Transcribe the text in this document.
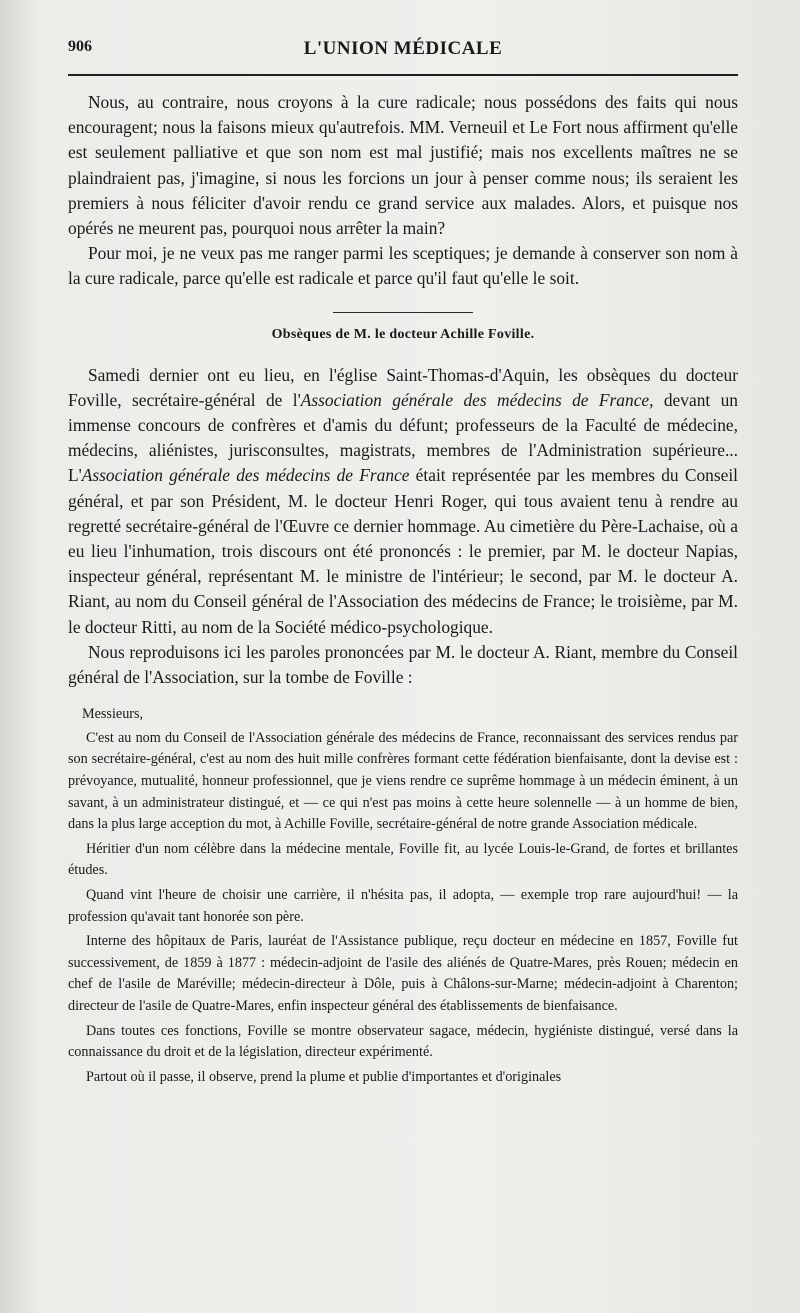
906	L'UNION MÉDICALE

Nous, au contraire, nous croyons à la cure radicale; nous possédons des faits qui nous encouragent; nous la faisons mieux qu'autrefois. MM. Verneuil et Le Fort nous affirment qu'elle est seulement palliative et que son nom est mal justifié; mais nos excellents maîtres ne se plaindraient pas, j'imagine, si nous les forcions un jour à penser comme nous; ils seraient les premiers à nous féliciter d'avoir rendu ce grand service aux malades. Alors, et puisque nos opérés ne meurent pas, pourquoi nous arrêter la main?

Pour moi, je ne veux pas me ranger parmi les sceptiques; je demande à conserver son nom à la cure radicale, parce qu'elle est radicale et parce qu'il faut qu'elle le soit.

Obsèques de M. le docteur Achille Foville.

Samedi dernier ont eu lieu, en l'église Saint-Thomas-d'Aquin, les obsèques du docteur Foville, secrétaire-général de l'Association générale des médecins de France, devant un immense concours de confrères et d'amis du défunt; professeurs de la Faculté de médecine, médecins, aliénistes, jurisconsultes, magistrats, membres de l'Administration supérieure... L'Association générale des médecins de France était représentée par les membres du Conseil général, et par son Président, M. le docteur Henri Roger, qui tous avaient tenu à rendre au regretté secrétaire-général de l'Œuvre ce dernier hommage. Au cimetière du Père-Lachaise, où a eu lieu l'inhumation, trois discours ont été prononcés : le premier, par M. le docteur Napias, inspecteur général, représentant M. le ministre de l'intérieur; le second, par M. le docteur A. Riant, au nom du Conseil général de l'Association des médecins de France; le troisième, par M. le docteur Ritti, au nom de la Société médico-psychologique.

Nous reproduisons ici les paroles prononcées par M. le docteur A. Riant, membre du Conseil général de l'Association, sur la tombe de Foville :

Messieurs,

C'est au nom du Conseil de l'Association générale des médecins de France, reconnaissant des services rendus par son secrétaire-général, c'est au nom des huit mille confrères formant cette fédération bienfaisante, dont la devise est : prévoyance, mutualité, honneur professionnel, que je viens rendre ce suprême hommage à un médecin éminent, à un savant, à un administrateur distingué, et — ce qui n'est pas moins à cette heure solennelle — à un homme de bien, dans la plus large acception du mot, à Achille Foville, secrétaire-général de notre grande Association médicale.

Héritier d'un nom célèbre dans la médecine mentale, Foville fit, au lycée Louis-le-Grand, de fortes et brillantes études.

Quand vint l'heure de choisir une carrière, il n'hésita pas, il adopta, — exemple trop rare aujourd'hui! — la profession qu'avait tant honorée son père.

Interne des hôpitaux de Paris, lauréat de l'Assistance publique, reçu docteur en médecine en 1857, Foville fut successivement, de 1859 à 1877 : médecin-adjoint de l'asile des aliénés de Quatre-Mares, près Rouen; médecin en chef de l'asile de Maréville; médecin-directeur à Dôle, puis à Châlons-sur-Marne; médecin-adjoint à Charenton; directeur de l'asile de Quatre-Mares, enfin inspecteur général des établissements de bienfaisance.

Dans toutes ces fonctions, Foville se montre observateur sagace, médecin, hygiéniste distingué, versé dans la connaissance du droit et de la législation, directeur expérimenté.

Partout où il passe, il observe, prend la plume et publie d'importantes et d'originales
